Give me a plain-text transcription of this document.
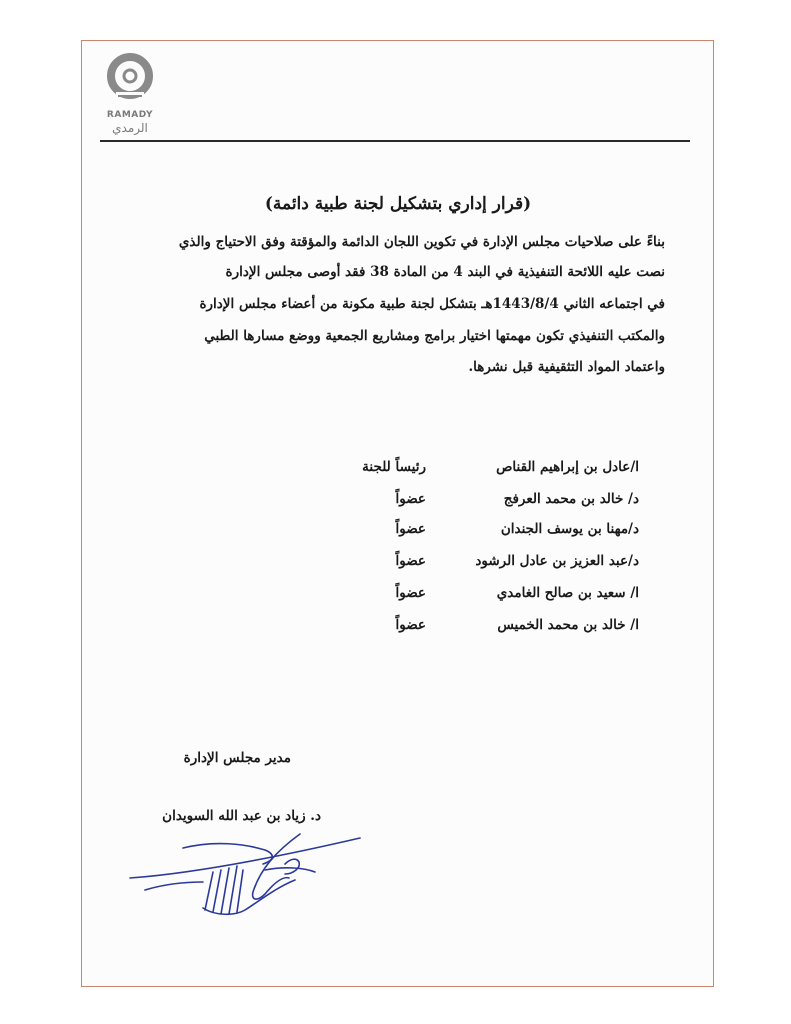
RAMADY
الرمدي
(قرار إداري بتشكيل لجنة طبية دائمة)
بناءً على صلاحيات مجلس الإدارة في تكوين اللجان الدائمة والمؤقتة وفق الاحتياج والذي
نصت عليه اللائحة التنفيذية في البند 4 من المادة 38 فقد أوصى مجلس الإدارة
في اجتماعه الثاني 1443/8/4هـ بتشكل لجنة طبية مكونة من أعضاء مجلس الإدارة
والمكتب التنفيذي تكون مهمتها اختيار برامج ومشاريع الجمعية ووضع مسارها الطبي
واعتماد المواد التثقيفية قبل نشرها.
ا/عادل بن إبراهيم القناص
رئيساً للجنة
د/ خالد بن محمد العرفج
عضواً
د/مهنا بن يوسف الجندان
عضواً
د/عبد العزيز بن عادل الرشود
عضواً
ا/ سعيد بن صالح الغامدي
عضواً
ا/ خالد بن محمد الخميس
عضواً
مدير مجلس الإدارة
د. زياد بن عبد الله السويدان
